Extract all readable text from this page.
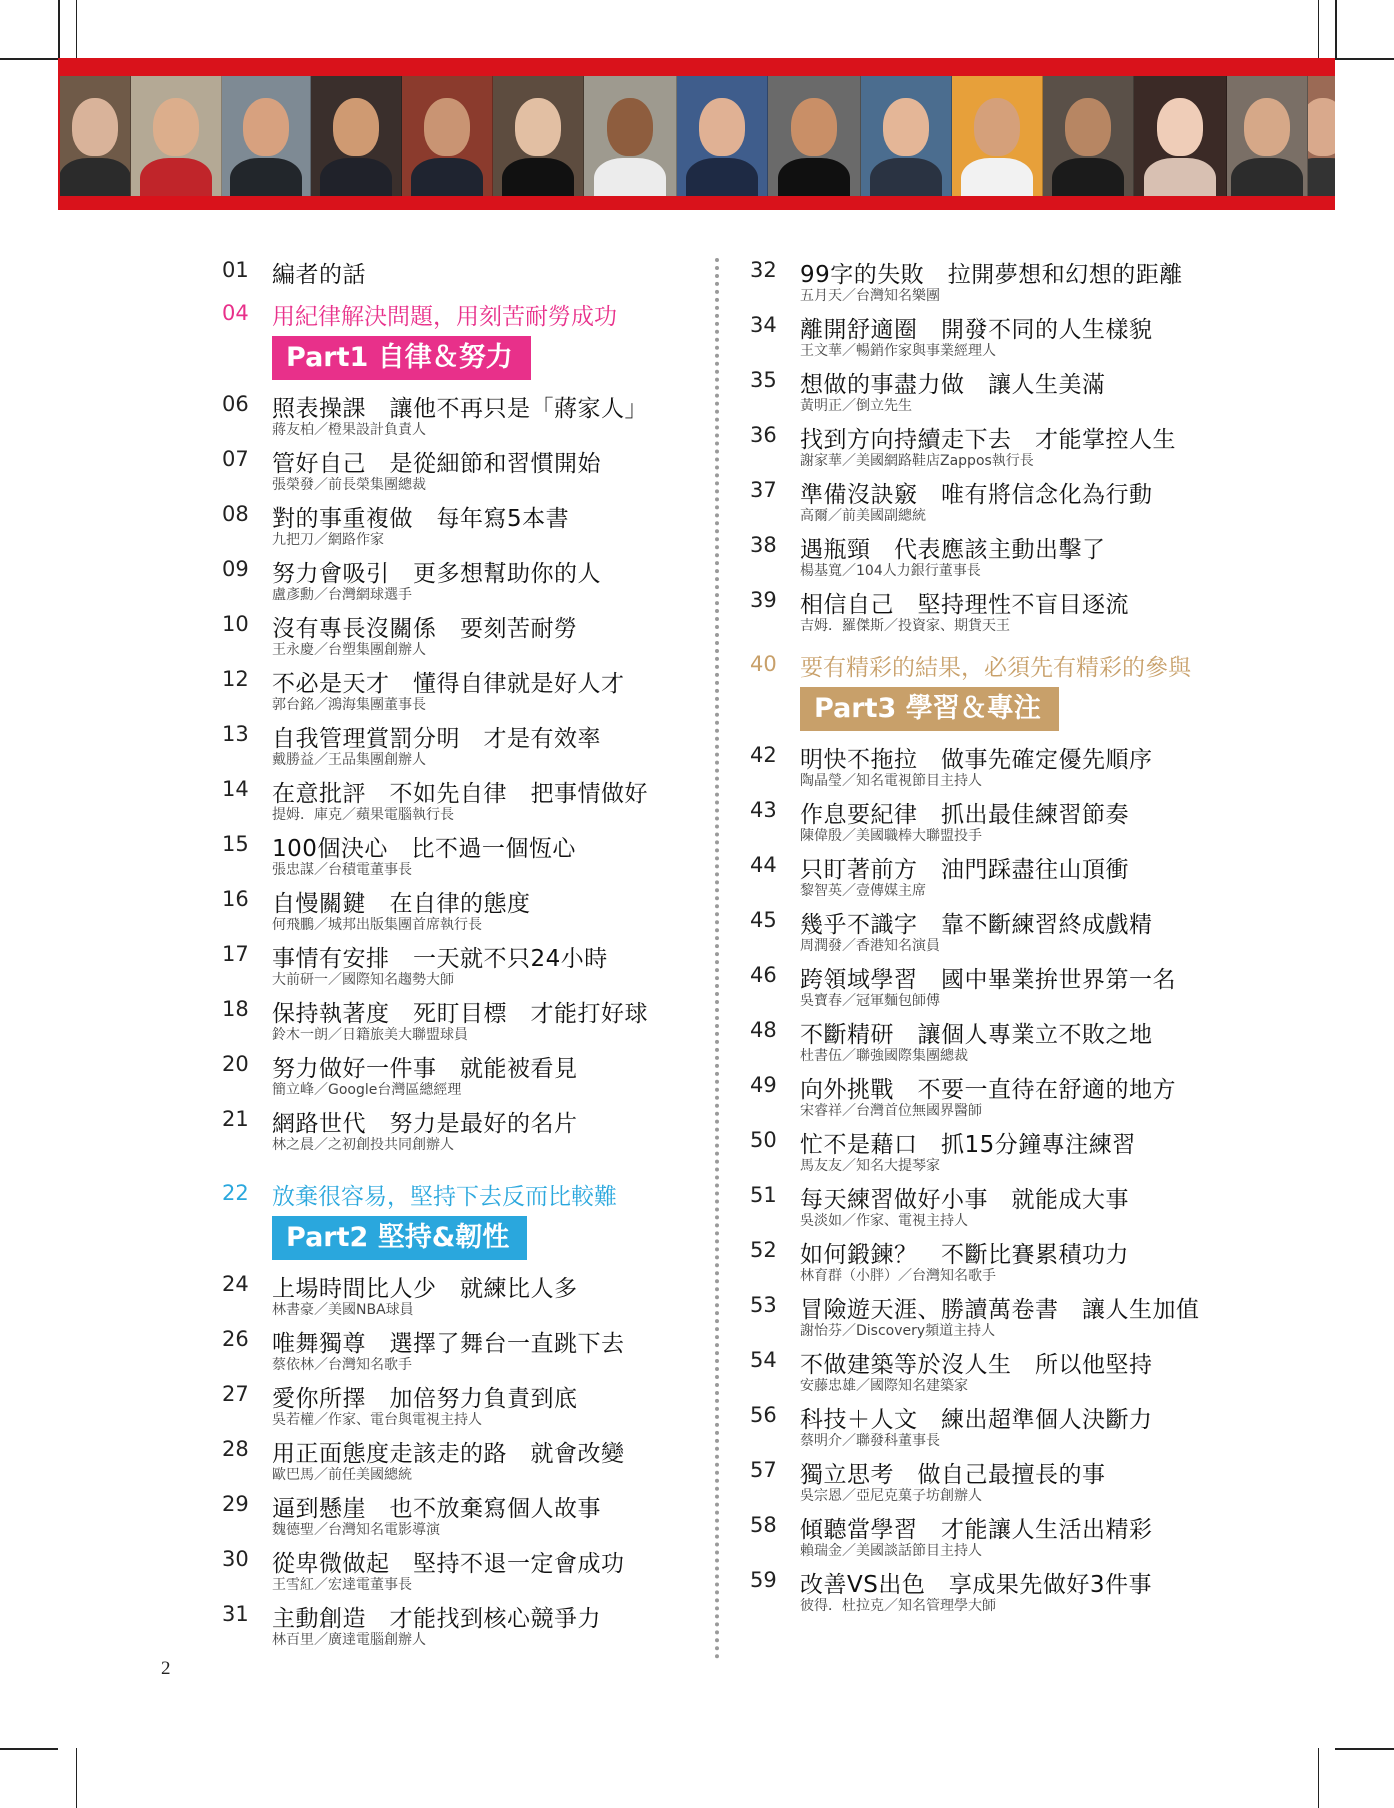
01	編者的話
04 用紀律解決問題，用刻苦耐勞成功
Part1 自律＆努力
06	照表操課　讓他不再只是「蔣家人」
蔣友柏／橙果設計負責人
07	管好自己　是從細節和習慣開始
張榮發／前長榮集團總裁
08	對的事重複做　每年寫5本書
九把刀／網路作家
09	努力會吸引　更多想幫助你的人
盧彥勳／台灣網球選手
10	沒有專長沒關係　要刻苦耐勞
王永慶／台塑集團創辦人
12	不必是天才　懂得自律就是好人才
郭台銘／鴻海集團董事長
13	自我管理賞罰分明　才是有效率
戴勝益／王品集團創辦人
14	在意批評　不如先自律　把事情做好
提姆．庫克／蘋果電腦執行長
15	100個決心　比不過一個恆心
張忠謀／台積電董事長
16	自慢關鍵　在自律的態度
何飛鵬／城邦出版集團首席執行長
17	事情有安排　一天就不只24小時
大前研一／國際知名趨勢大師
18	保持執著度　死盯目標　才能打好球
鈴木一朗／日籍旅美大聯盟球員
20	努力做好一件事　就能被看見
簡立峰／Google台灣區總經理
21	網路世代　努力是最好的名片
林之晨／之初創投共同創辦人
22 放棄很容易，堅持下去反而比較難
Part2 堅持&韌性
24	上場時間比人少　就練比人多
林書豪／美國NBA球員
26	唯舞獨尊　選擇了舞台一直跳下去
蔡依林／台灣知名歌手
27	愛你所擇　加倍努力負責到底
吳若權／作家、電台與電視主持人
28	用正面態度走該走的路　就會改變
歐巴馬／前任美國總統
29	逼到懸崖　也不放棄寫個人故事
魏德聖／台灣知名電影導演
30	從卑微做起　堅持不退一定會成功
王雪紅／宏達電董事長
31	主動創造　才能找到核心競爭力
林百里／廣達電腦創辦人
32	99字的失敗　拉開夢想和幻想的距離
五月天／台灣知名樂團
34	離開舒適圈　開發不同的人生樣貌
王文華／暢銷作家與事業經理人
35	想做的事盡力做　讓人生美滿
黃明正／倒立先生
36	找到方向持續走下去　才能掌控人生
謝家華／美國網路鞋店Zappos執行長
37	準備沒訣竅　唯有將信念化為行動
高爾／前美國副總統
38	遇瓶頸　代表應該主動出擊了
楊基寬／104人力銀行董事長
39	相信自己　堅持理性不盲目逐流
吉姆．羅傑斯／投資家、期貨天王
40 要有精彩的結果，必須先有精彩的參與
Part3 學習＆專注
42	明快不拖拉　做事先確定優先順序
陶晶瑩／知名電視節目主持人
43	作息要紀律　抓出最佳練習節奏
陳偉殷／美國職棒大聯盟投手
44	只盯著前方　油門踩盡往山頂衝
黎智英／壹傳媒主席
45	幾乎不識字　靠不斷練習終成戲精
周潤發／香港知名演員
46	跨領域學習　國中畢業拚世界第一名
吳寶春／冠軍麵包師傅
48	不斷精研　讓個人專業立不敗之地
杜書伍／聯強國際集團總裁
49	向外挑戰　不要一直待在舒適的地方
宋睿祥／台灣首位無國界醫師
50	忙不是藉口　抓15分鐘專注練習
馬友友／知名大提琴家
51	每天練習做好小事　就能成大事
吳淡如／作家、電視主持人
52	如何鍛鍊？　不斷比賽累積功力
林育群（小胖）／台灣知名歌手
53	冒險遊天涯、勝讀萬卷書　讓人生加值
謝怡芬／Discovery頻道主持人
54	不做建築等於沒人生　所以他堅持
安藤忠雄／國際知名建築家
56	科技＋人文　練出超準個人決斷力
蔡明介／聯發科董事長
57	獨立思考　做自己最擅長的事
吳宗恩／亞尼克菓子坊創辦人
58	傾聽當學習　才能讓人生活出精彩
賴瑞金／美國談話節目主持人
59	改善VS出色　享成果先做好3件事
彼得．杜拉克／知名管理學大師
2
